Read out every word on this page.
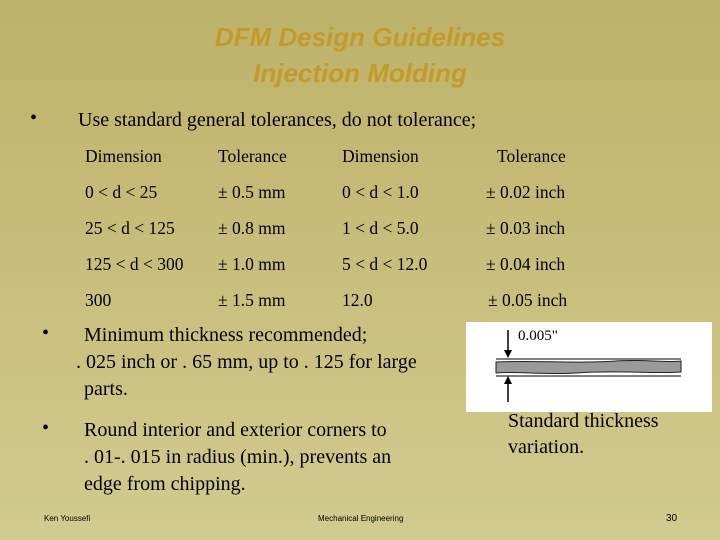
DFM Design Guidelines
Injection Molding
• Use standard general tolerances, do not tolerance;
Dimension	Tolerance	Dimension	Tolerance
0 < d < 25	± 0.5 mm	0 < d < 1.0	± 0.02 inch
25 < d < 125 ± 0.8 mm	1 < d < 5.0	± 0.03 inch
125 < d < 300 ± 1.0 mm	5 < d < 12.0	± 0.04 inch
300	± 1.5 mm	12.0	± 0.05 inch
• Minimum thickness recommended;
. 025 inch or . 65 mm, up to . 125 for large
parts.
• Round interior and exterior corners to
. 01-. 015 in radius (min.), prevents an
edge from chipping.
0.005"
Standard thickness
variation.
Ken Youssefi	Mechanical Engineering	30
